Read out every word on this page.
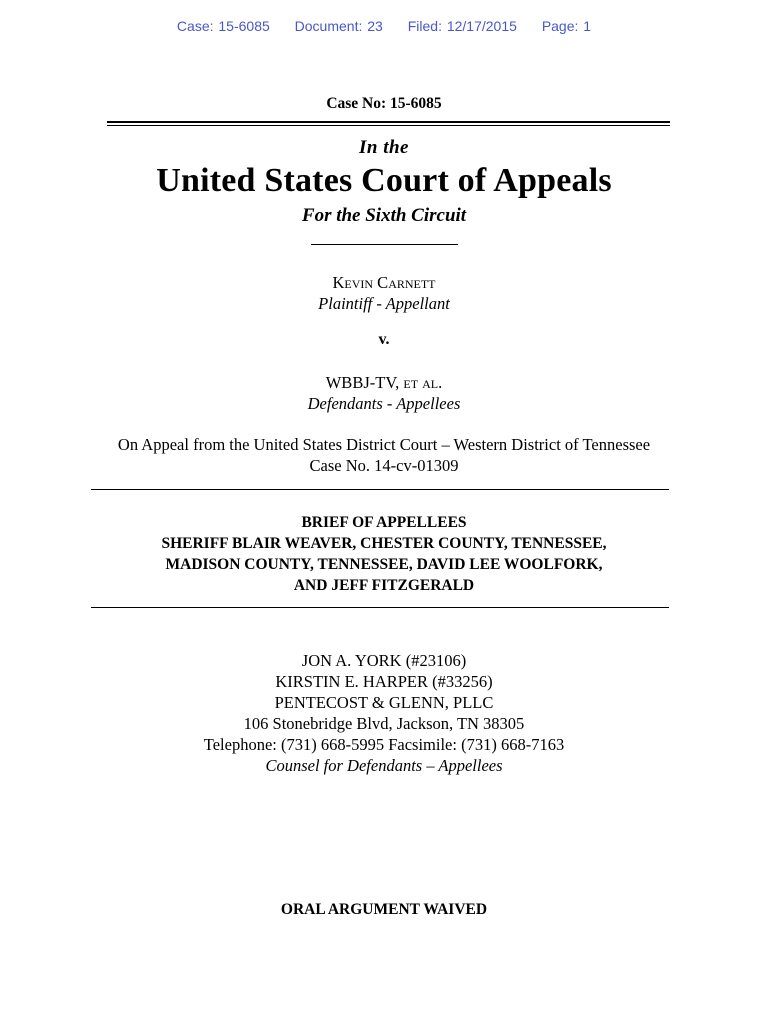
Case: 15-6085 Document: 23 Filed: 12/17/2015 Page: 1
Case No: 15-6085
In the
United States Court of Appeals
For the Sixth Circuit
Kevin Carnett
Plaintiff - Appellant
v.
WBBJ-TV, et al.
Defendants - Appellees
On Appeal from the United States District Court – Western District of Tennessee
Case No. 14-cv-01309
BRIEF OF APPELLEES
SHERIFF BLAIR WEAVER, CHESTER COUNTY, TENNESSEE,
MADISON COUNTY, TENNESSEE, DAVID LEE WOOLFORK,
AND JEFF FITZGERALD
JON A. YORK (#23106)
KIRSTIN E. HARPER (#33256)
PENTECOST & GLENN, PLLC
106 Stonebridge Blvd, Jackson, TN 38305
Telephone: (731) 668-5995 Facsimile: (731) 668-7163
Counsel for Defendants – Appellees
ORAL ARGUMENT WAIVED
